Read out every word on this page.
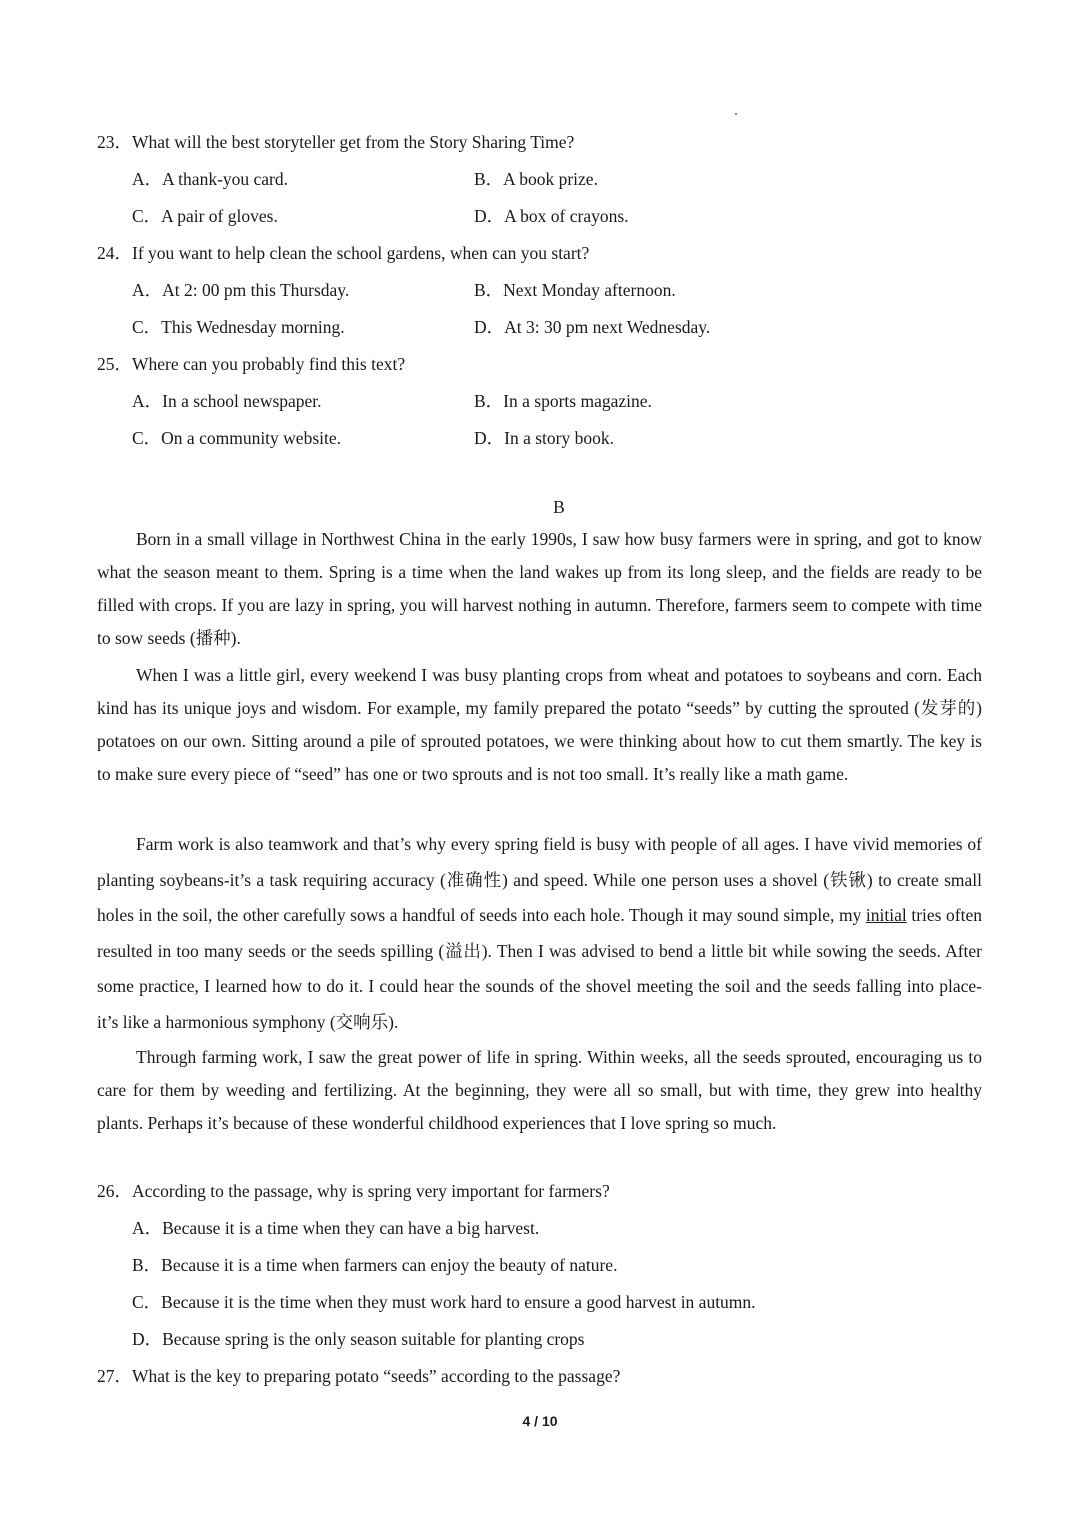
23．What will the best storyteller get from the Story Sharing Time?
A．A thank-you card.	B．A book prize.
C．A pair of gloves.	D．A box of crayons.
24．If you want to help clean the school gardens, when can you start?
A．At 2: 00 pm this Thursday.	B．Next Monday afternoon.
C．This Wednesday morning.	D．At 3: 30 pm next Wednesday.
25．Where can you probably find this text?
A．In a school newspaper.	B．In a sports magazine.
C．On a community website.	D．In a story book.
B
Born in a small village in Northwest China in the early 1990s, I saw how busy farmers were in spring, and got to know what the season meant to them. Spring is a time when the land wakes up from its long sleep, and the fields are ready to be filled with crops. If you are lazy in spring, you will harvest nothing in autumn. Therefore, farmers seem to compete with time to sow seeds (播种).
When I was a little girl, every weekend I was busy planting crops from wheat and potatoes to soybeans and corn. Each kind has its unique joys and wisdom. For example, my family prepared the potato “seeds” by cutting the sprouted (发芽的) potatoes on our own. Sitting around a pile of sprouted potatoes, we were thinking about how to cut them smartly. The key is to make sure every piece of “seed” has one or two sprouts and is not too small. It’s really like a math game.
Farm work is also teamwork and that’s why every spring field is busy with people of all ages. I have vivid memories of planting soybeans-it’s a task requiring accuracy (准确性) and speed. While one person uses a shovel (铁锹) to create small holes in the soil, the other carefully sows a handful of seeds into each hole. Though it may sound simple, my initial tries often resulted in too many seeds or the seeds spilling (溢出). Then I was advised to bend a little bit while sowing the seeds. After some practice, I learned how to do it. I could hear the sounds of the shovel meeting the soil and the seeds falling into place-it’s like a harmonious symphony (交响乐).
Through farming work, I saw the great power of life in spring. Within weeks, all the seeds sprouted, encouraging us to care for them by weeding and fertilizing. At the beginning, they were all so small, but with time, they grew into healthy plants. Perhaps it’s because of these wonderful childhood experiences that I love spring so much.
26．According to the passage, why is spring very important for farmers?
A．Because it is a time when they can have a big harvest.
B．Because it is a time when farmers can enjoy the beauty of nature.
C．Because it is the time when they must work hard to ensure a good harvest in autumn.
D．Because spring is the only season suitable for planting crops
27．What is the key to preparing potato “seeds” according to the passage?
4 / 10
